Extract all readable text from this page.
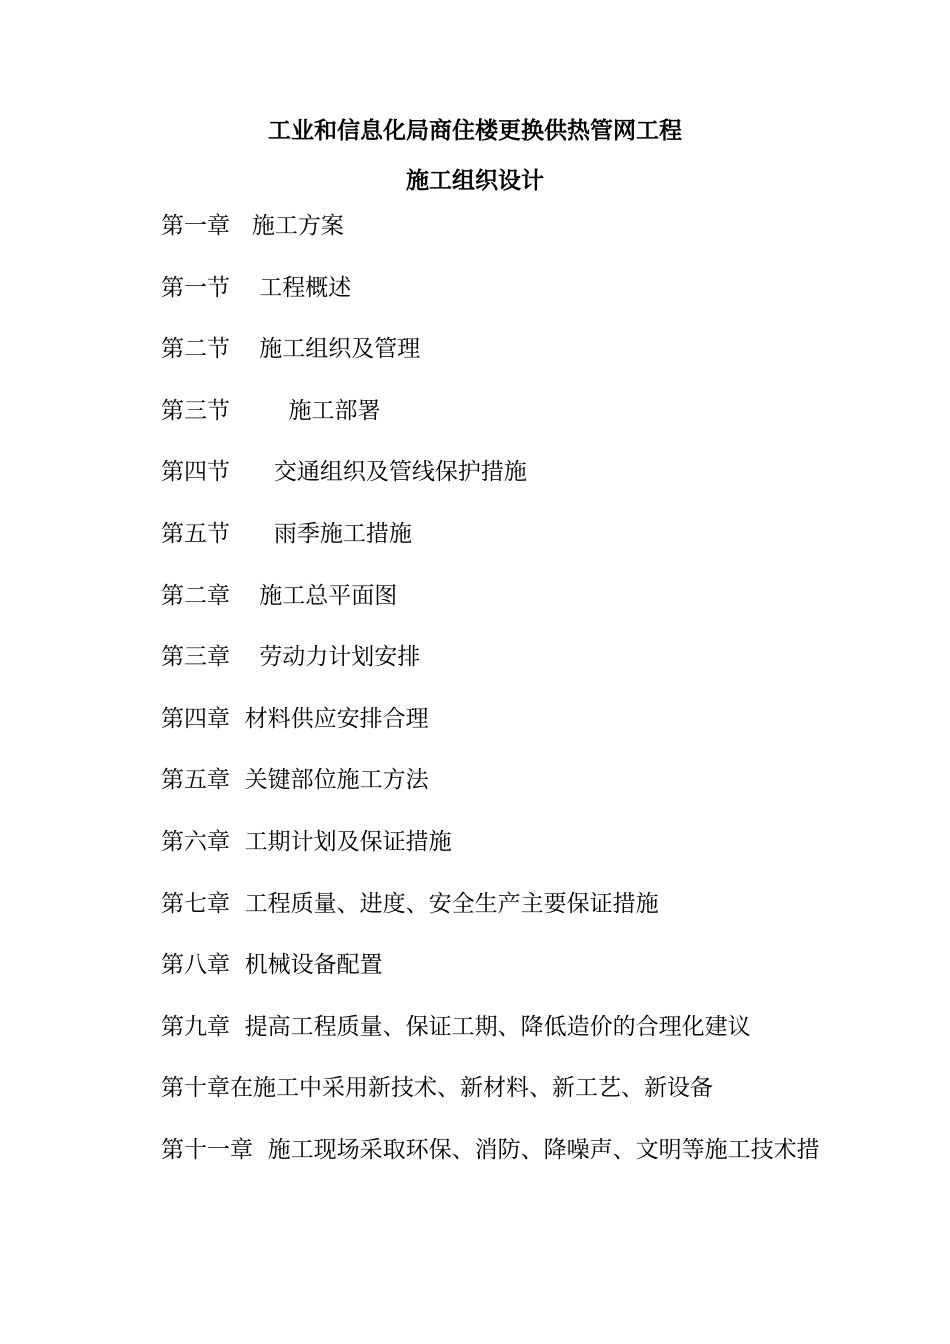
工业和信息化局商住楼更换供热管网工程
施工组织设计
第一章   施工方案
第一节    工程概述
第二节    施工组织及管理
第三节        施工部署
第四节      交通组织及管线保护措施
第五节      雨季施工措施
第二章    施工总平面图
第三章    劳动力计划安排
第四章  材料供应安排合理
第五章  关键部位施工方法
第六章  工期计划及保证措施
第七章  工程质量、进度、安全生产主要保证措施
第八章  机械设备配置
第九章  提高工程质量、保证工期、降低造价的合理化建议
第十章在施工中采用新技术、新材料、新工艺、新设备
第十一章  施工现场采取环保、消防、降噪声、文明等施工技术措
